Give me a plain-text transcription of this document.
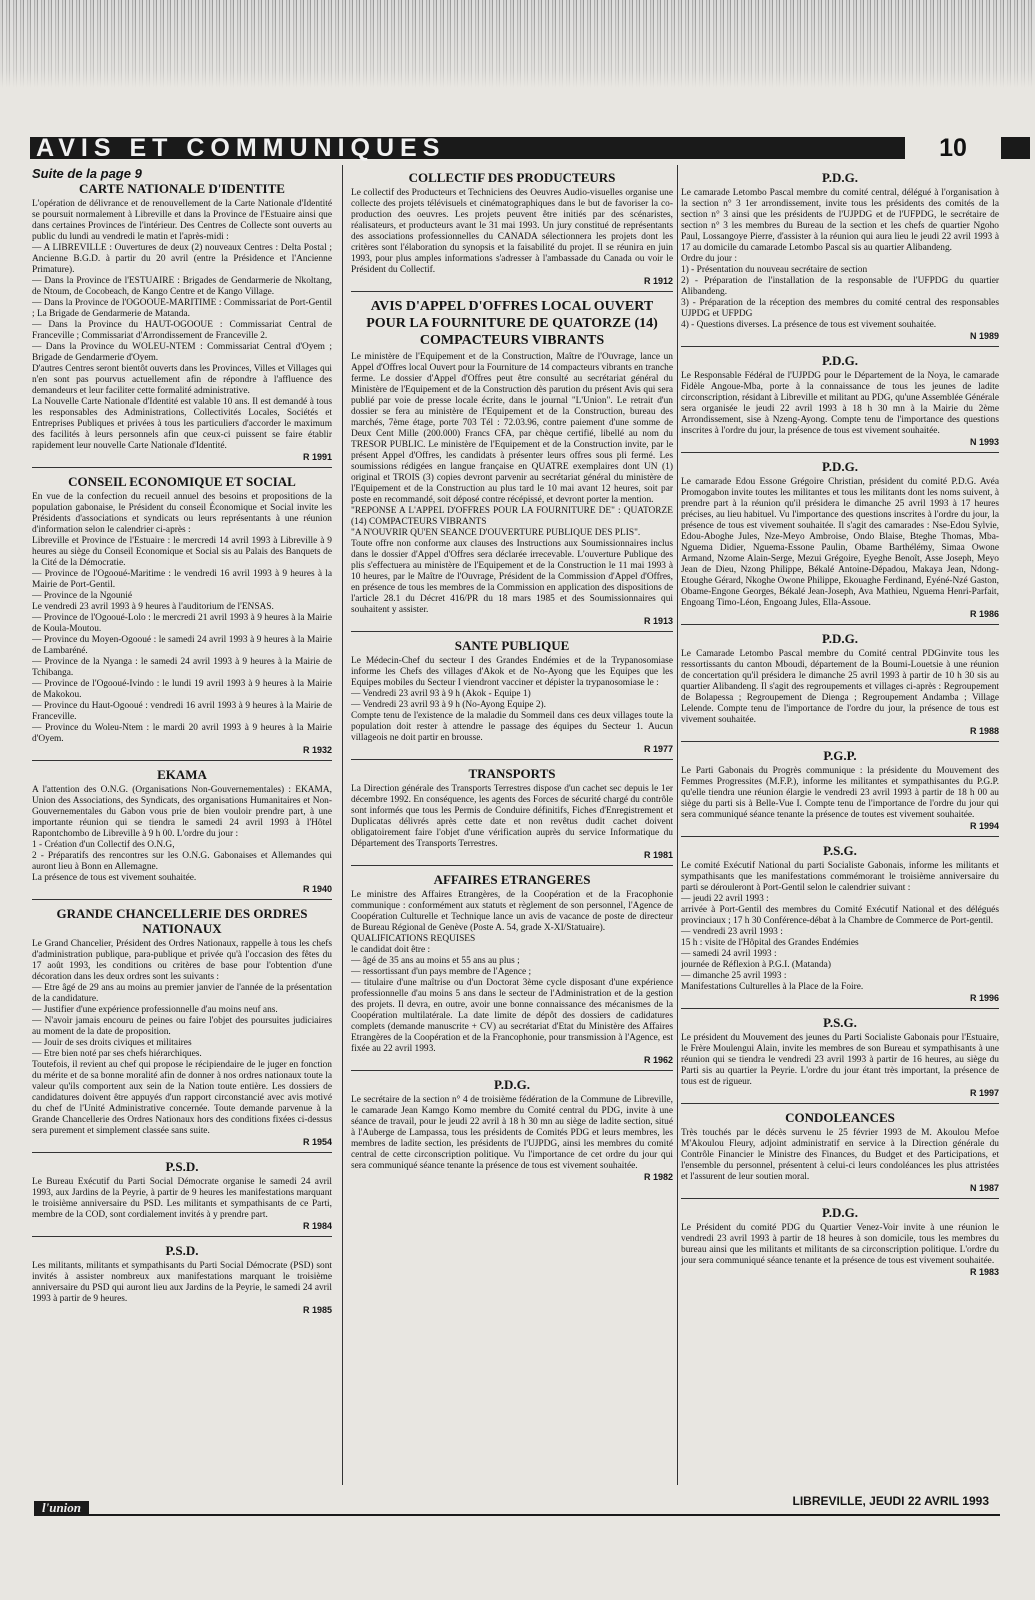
AVIS ET COMMUNIQUES	10
Suite de la page 9
CARTE NATIONALE D'IDENTITE

L'opération de délivrance et de renouvellement de la Carte Nationale d'Identité se poursuit normalement à Libreville et dans la Province de l'Estuaire ainsi que dans certaines Provinces de l'intérieur. Des Centres de Collecte sont ouverts au public du lundi au vendredi le matin et l'après-midi :

— A LIBREVILLE : Ouvertures de deux (2) nouveaux Centres : Delta Postal ; Ancienne B.G.D. à partir du 20 avril (entre la Présidence et l'Ancienne Primature).

— Dans la Province de l'ESTUAIRE : Brigades de Gendarmerie de Nkoltang, de Ntoum, de Cocobeach, de Kango Centre et de Kango Village.

— Dans la Province de l'OGOOUE-MARITIME : Commissariat de Port-Gentil ; La Brigade de Gendarmerie de Matanda.

— Dans la Province du HAUT-OGOOUE : Commissariat Central de Franceville ; Commissariat d'Arrondissement de Franceville 2.

— Dans la Province du WOLEU-NTEM : Commissariat Central d'Oyem ; Brigade de Gendarmerie d'Oyem.

D'autres Centres seront bientôt ouverts dans les Provinces, Villes et Villages qui n'en sont pas pourvus actuellement afin de répondre à l'affluence des demandeurs et leur faciliter cette formalité administrative.

La Nouvelle Carte Nationale d'Identité est valable 10 ans. Il est demandé à tous les responsables des Administrations, Collectivités Locales, Sociétés et Entreprises Publiques et privées à tous les particuliers d'accorder le maximum des facilités à leurs personnels afin que ceux-ci puissent se faire établir rapidement leur nouvelle Carte Nationale d'Identité.

R 1991

CONSEIL ECONOMIQUE ET SOCIAL

En vue de la confection du recueil annuel des besoins et propositions de la population gabonaise, le Président du conseil Économique et Social invite les Présidents d'associations et syndicats ou leurs représentants à une réunion d'information selon le calendrier ci-après :

Libreville et Province de l'Estuaire : le mercredi 14 avril 1993 à Libreville à 9 heures au siège du Conseil Economique et Social sis au Palais des Banquets de la Cité de la Démocratie.

— Province de l'Ogooué-Maritime : le vendredi 16 avril 1993 à 9 heures à la Mairie de Port-Gentil.

— Province de la Ngounié

Le vendredi 23 avril 1993 à 9 heures à l'auditorium de l'ENSAS.

— Province de l'Ogooué-Lolo : le mercredi 21 avril 1993 à 9 heures à la Mairie de Koula-Moutou.

— Province du Moyen-Ogooué : le samedi 24 avril 1993 à 9 heures à la Mairie de Lambaréné.

— Province de la Nyanga : le samedi 24 avril 1993 à 9 heures à la Mairie de Tchibanga.

— Province de l'Ogooué-Ivindo : le lundi 19 avril 1993 à 9 heures à la Mairie de Makokou.

— Province du Haut-Ogooué : vendredi 16 avril 1993 à 9 heures à la Mairie de Franceville.

— Province du Woleu-Ntem : le mardi 20 avril 1993 à 9 heures à la Mairie d'Oyem.

R 1932

EKAMA

A l'attention des O.N.G. (Organisations Non-Gouvernementales) : EKAMA, Union des Associations, des Syndicats, des organisations Humanitaires et Non-Gouvernementales du Gabon vous prie de bien vouloir prendre part, à une importante réunion qui se tiendra le samedi 24 avril 1993 à l'Hôtel Rapontchombo de Libreville à 9 h 00. L'ordre du jour :

1 - Création d'un Collectif des O.N.G,

2 - Préparatifs des rencontres sur les O.N.G. Gabonaises et Allemandes qui auront lieu à Bonn en Allemagne.

La présence de tous est vivement souhaitée.

R 1940

GRANDE CHANCELLERIE DES ORDRES NATIONAUX

Le Grand Chancelier, Président des Ordres Nationaux, rappelle à tous les chefs d'administration publique, para-publique et privée qu'à l'occasion des fêtes du 17 août 1993, les conditions ou critères de base pour l'obtention d'une décoration dans les deux ordres sont les suivants :

— Etre âgé de 29 ans au moins au premier janvier de l'année de la présentation de la candidature.

— Justifier d'une expérience professionnelle d'au moins neuf ans.

— N'avoir jamais encouru de peines ou faire l'objet des poursuites judiciaires au moment de la date de proposition.

— Jouir de ses droits civiques et militaires

— Etre bien noté par ses chefs hiérarchiques.

Toutefois, il revient au chef qui propose le récipiendaire de le juger en fonction du mérite et de sa bonne moralité afin de donner à nos ordres nationaux toute la valeur qu'ils comportent aux sein de la Nation toute entière. Les dossiers de candidatures doivent être appuyés d'un rapport circonstancié avec avis motivé du chef de l'Unité Administrative concernée. Toute demande parvenue à la Grande Chancellerie des Ordres Nationaux hors des conditions fixées ci-dessus sera purement et simplement classée sans suite.

R 1954

P.S.D.

Le Bureau Exécutif du Parti Social Démocrate organise le samedi 24 avril 1993, aux Jardins de la Peyrie, à partir de 9 heures les manifestations marquant le troisième anniversaire du PSD. Les militants et sympathisants de ce Parti, membre de la COD, sont cordialement invités à y prendre part.

R 1984

P.S.D.

Les militants, militants et sympathisants du Parti Social Démocrate (PSD) sont invités à assister nombreux aux manifestations marquant le troisième anniversaire du PSD qui auront lieu aux Jardins de la Peyrie, le samedi 24 avril 1993 à partir de 9 heures.

R 1985

COLLECTIF DES PRODUCTEURS

Le collectif des Producteurs et Techniciens des Oeuvres Audio-visuelles organise une collecte des projets télévisuels et cinématographiques dans le but de favoriser la co-production des oeuvres. Les projets peuvent être initiés par des scénaristes, réalisateurs, et producteurs avant le 31 mai 1993. Un jury constitué de représentants des associations professionnelles du CANADA sélectionnera les projets dont les critères sont l'élaboration du synopsis et la faisabilité du projet. Il se réunira en juin 1993, pour plus amples informations s'adresser à l'ambassade du Canada ou voir le Président du Collectif.

R 1912

AVIS D'APPEL D'OFFRES LOCAL OUVERT POUR LA FOURNITURE DE QUATORZE (14) COMPACTEURS VIBRANTS

Le ministère de l'Equipement et de la Construction, Maître de l'Ouvrage, lance un Appel d'Offres local Ouvert pour la Fourniture de 14 compacteurs vibrants en tranche ferme. Le dossier d'Appel d'Offres peut être consulté au secrétariat général du Ministère de l'Equipement et de la Construction dès parution du présent Avis qui sera publié par voie de presse locale écrite, dans le journal "L'Union". Le retrait d'un dossier se fera au ministère de l'Equipement et de la Construction, bureau des marchés, 7ème étage, porte 703 Tél : 72.03.96, contre paiement d'une somme de Deux Cent Mille (200.000) Francs CFA, par chèque certifié, libellé au nom du TRESOR PUBLIC. Le ministère de l'Equipement et de la Construction invite, par le présent Appel d'Offres, les candidats à présenter leurs offres sous pli fermé. Les soumissions rédigées en langue française en QUATRE exemplaires dont UN (1) original et TROIS (3) copies devront parvenir au secrétariat général du ministère de l'Equipement et de la Construction au plus tard le 10 mai avant 12 heures, soit par poste en recommandé, soit déposé contre récépissé, et devront porter la mention.

"REPONSE A L'APPEL D'OFFRES POUR LA FOURNITURE DE" : QUATORZE (14) COMPACTEURS VIBRANTS

"A N'OUVRIR QU'EN SEANCE D'OUVERTURE PUBLIQUE DES PLIS".

Toute offre non conforme aux clauses des Instructions aux Soumissionnaires inclus dans le dossier d'Appel d'Offres sera déclarée irrecevable. L'ouverture Publique des plis s'effectuera au ministère de l'Equipement et de la Construction le 11 mai 1993 à 10 heures, par le Maître de l'Ouvrage, Président de la Commission d'Appel d'Offres, en présence de tous les membres de la Commission en application des dispositions de l'article 28.1 du Décret 416/PR du 18 mars 1985 et des Soumissionnaires qui souhaitent y assister.

R 1913

SANTE PUBLIQUE

Le Médecin-Chef du secteur I des Grandes Endémies et de la Trypanosomiase informe les Chefs des villages d'Akok et de No-Ayong que les Equipes que les Equipes mobiles du Secteur I viendront vacciner et dépister la trypanosomiase le :

— Vendredi 23 avril 93 à 9 h (Akok - Equipe 1)

— Vendredi 23 avril 93 à 9 h (No-Ayong Equipe 2).

Compte tenu de l'existence de la maladie du Sommeil dans ces deux villages toute la population doit rester à attendre le passage des équipes du Secteur 1. Aucun villageois ne doit partir en brousse.

R 1977

TRANSPORTS

La Direction générale des Transports Terrestres dispose d'un cachet sec depuis le 1er décembre 1992. En conséquence, les agents des Forces de sécurité chargé du contrôle sont informés que tous les Permis de Conduire définitifs, Fiches d'Enregistrement et Duplicatas délivrés après cette date et non revêtus dudit cachet doivent obligatoirement faire l'objet d'une vérification auprès du service Informatique du Département des Transports Terrestres.

R 1981

AFFAIRES ETRANGERES

Le ministre des Affaires Etrangères, de la Coopération et de la Fracophonie communique : conformément aux statuts et règlement de son personnel, l'Agence de Coopération Culturelle et Technique lance un avis de vacance de poste de directeur de Bureau Régional de Genève (Poste A. 54, grade X-XI/Statuaire).

QUALIFICATIONS REQUISES

le candidat doit être :

— âgé de 35 ans au moins et 55 ans au plus ;

— ressortissant d'un pays membre de l'Agence ;

— titulaire d'une maîtrise ou d'un Doctorat 3ème cycle disposant d'une expérience professionnelle d'au moins 5 ans dans le secteur de l'Administration et de la gestion des projets. Il devra, en outre, avoir une bonne connaissance des mécanismes de la Coopération multilatérale. La date limite de dépôt des dossiers de cadidatures complets (demande manuscrite + CV) au secrétariat d'Etat du Ministère des Affaires Etrangères de la Coopération et de la Francophonie, pour transmission à l'Agence, est fixée au 22 avril 1993.

R 1962

P.D.G.

Le secrétaire de la section n° 4 de troisième fédération de la Commune de Libreville, le camarade Jean Kamgo Komo membre du Comité central du PDG, invite à une séance de travail, pour le jeudi 22 avril à 18 h 30 mn au siège de ladite section, situé à l'Auberge de Lampassa, tous les présidents de Comités PDG et leurs membres, les membres de ladite section, les présidents de l'UJPDG, ainsi les membres du comité central de cette circonscription politique. Vu l'importance de cet ordre du jour qui sera communiqué séance tenante la présence de tous est vivement souhaitée.

R 1982

P.D.G.

Le camarade Letombo Pascal membre du comité central, délégué à l'organisation à la section n° 3 1er arrondissement, invite tous les présidents des comités de la section n° 3 ainsi que les présidents de l'UJPDG et de l'UFPDG, le secrétaire de section n° 3 les membres du Bureau de la section et les chefs de quartier Ngoho Paul, Lossangoye Pierre, d'assister à la réunion qui aura lieu le jeudi 22 avril 1993 à 17 au domicile du camarade Letombo Pascal sis au quartier Alibandeng.

Ordre du jour :

1) - Présentation du nouveau secrétaire de section

2) - Préparation de l'installation de la responsable de l'UFPDG du quartier Alibandeng.

3) - Préparation de la réception des membres du comité central des responsables UJPDG et UFPDG

4) - Questions diverses. La présence de tous est vivement souhaitée.

N 1989

P.D.G.

Le Responsable Fédéral de l'UJPDG pour le Département de la Noya, le camarade Fidèle Angoue-Mba, porte à la connaissance de tous les jeunes de ladite circonscription, résidant à Libreville et militant au PDG, qu'une Assemblée Générale sera organisée le jeudi 22 avril 1993 à 18 h 30 mn à la Mairie du 2ème Arrondissement, sise à Nzeng-Ayong. Compte tenu de l'importance des questions inscrites à l'ordre du jour, la présence de tous est vivement souhaitée.

N 1993

P.D.G.

Le camarade Edou Essone Grégoire Christian, président du comité P.D.G. Avéa Promogabon invite toutes les militantes et tous les militants dont les noms suivent, à prendre part à la réunion qu'il présidera le dimanche 25 avril 1993 à 17 heures précises, au lieu habituel. Vu l'importance des questions inscrites à l'ordre du jour, la présence de tous est vivement souhaitée. Il s'agit des camarades : Nse-Edou Sylvie, Edou-Aboghe Jules, Nze-Meyo Ambroise, Ondo Blaise, Bteghe Thomas, Mba-Nguema Didier, Nguema-Essone Paulin, Obame Barthélémy, Simaa Owone Armand, Nzome Alain-Serge, Mezui Grégoire, Eyeghe Benoît, Asse Joseph, Meyo Jean de Dieu, Nzong Philippe, Békalé Antoine-Dépadou, Makaya Jean, Ndong-Etoughe Gérard, Nkoghe Owone Philippe, Ekouaghe Ferdinand, Eyéné-Nzé Gaston, Obame-Engone Georges, Békalé Jean-Joseph, Ava Mathieu, Nguema Henri-Parfait, Engoang Timo-Léon, Engoang Jules, Ella-Assoue.

R 1986

P.D.G.

Le Camarade Letombo Pascal membre du Comité central PDGinvite tous les ressortissants du canton Mboudi, département de la Boumi-Louetsie à une réunion de concertation qu'il présidera le dimanche 25 avril 1993 à partir de 10 h 30 sis au quartier Alibandeng. Il s'agit des regroupements et villages ci-après : Regroupement de Bolapessa ; Regroupement de Dienga ; Regroupement Andamba ; Village Lelende. Compte tenu de l'importance de l'ordre du jour, la présence de tous est vivement souhaitée.

R 1988

P.G.P.

Le Parti Gabonais du Progrès communique : la présidente du Mouvement des Femmes Progressites (M.F.P.), informe les militantes et sympathisantes du P.G.P. qu'elle tiendra une réunion élargie le vendredi 23 avril 1993 à partir de 18 h 00 au siège du parti sis à Belle-Vue I. Compte tenu de l'importance de l'ordre du jour qui sera communiqué séance tenante la présence de toutes est vivement souhaitée.

R 1994

P.S.G.

Le comité Exécutif National du parti Socialiste Gabonais, informe les militants et sympathisants que les manifestations commémorant le troisième anniversaire du parti se dérouleront à Port-Gentil selon le calendrier suivant :

— jeudi 22 avril 1993 :

arrivée à Port-Gentil des membres du Comité Exécutif National et des délégués provinciaux ; 17 h 30 Conférence-débat à la Chambre de Commerce de Port-gentil.

— vendredi 23 avril 1993 :

15 h : visite de l'Hôpital des Grandes Endémies

— samedi 24 avril 1993 :

journée de Réflexion à P.G.I. (Matanda)

— dimanche 25 avril 1993 :

Manifestations Culturelles à la Place de la Foire.

R 1996

P.S.G.

Le président du Mouvement des jeunes du Parti Socialiste Gabonais pour l'Estuaire, le Frère Moulengui Alain, invite les membres de son Bureau et sympathisants à une réunion qui se tiendra le vendredi 23 avril 1993 à partir de 16 heures, au siège du Parti sis au quartier la Peyrie. L'ordre du jour étant très important, la présence de tous est de rigueur.

R 1997

CONDOLEANCES

Très touchés par le décès survenu le 25 février 1993 de M. Akoulou Mefoe M'Akoulou Fleury, adjoint administratif en service à la Direction générale du Contrôle Financier le Ministre des Finances, du Budget et des Participations, et l'ensemble du personnel, présentent à celui-ci leurs condoléances les plus attristées et l'assurent de leur soutien moral.

N 1987

P.D.G.

Le Président du comité PDG du Quartier Venez-Voir invite à une réunion le vendredi 23 avril 1993 à partir de 18 heures à son domicile, tous les membres du bureau ainsi que les militants et militants de sa circonscription politique. L'ordre du jour sera communiqué séance tenante et la présence de tous est vivement souhaitée.

R 1983

l'union	LIBREVILLE, JEUDI 22 AVRIL 1993
